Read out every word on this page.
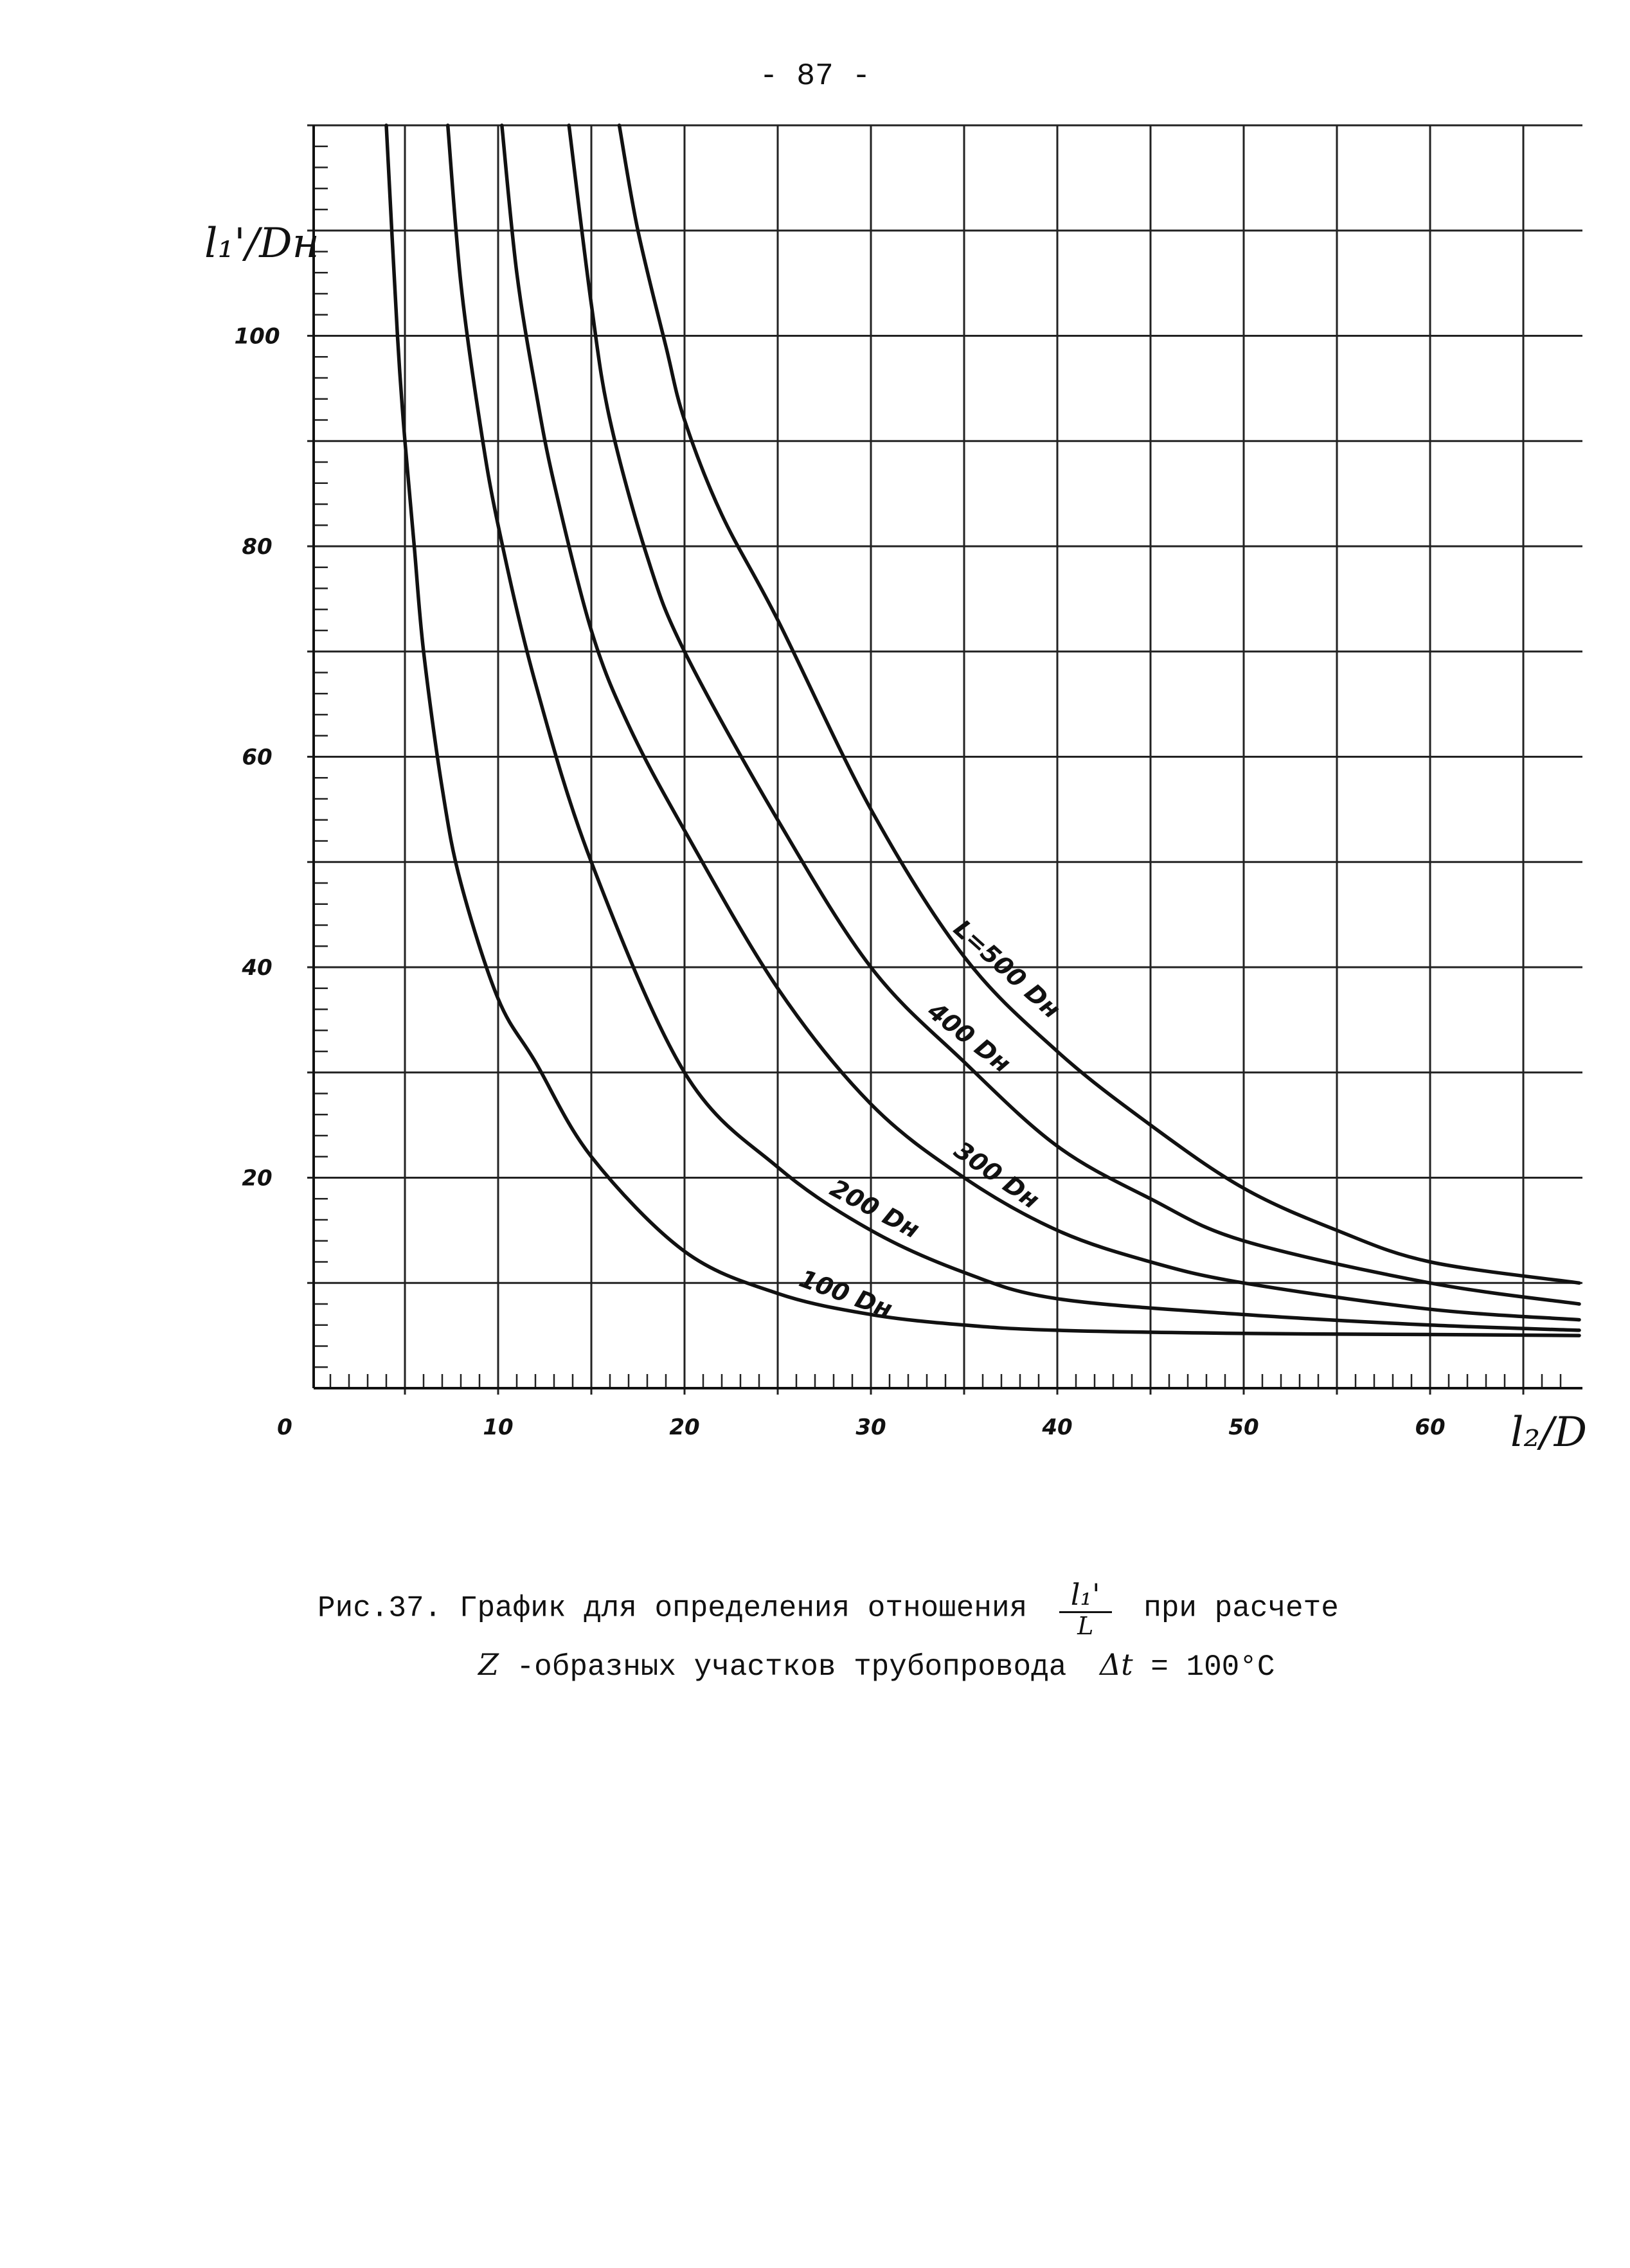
- 87 -
0	10	20	30	40	50	60
20
40
60
80
100
100 Dн
200 Dн 300 Dн
400 Dн
L=500 Dн
l₁'/Dн
l₂/D
Рис.37. График для определения отношения $\frac{\text{l₁'}}{L}$ при расчете
Z -образных участков трубопровода Δt = 100°C
